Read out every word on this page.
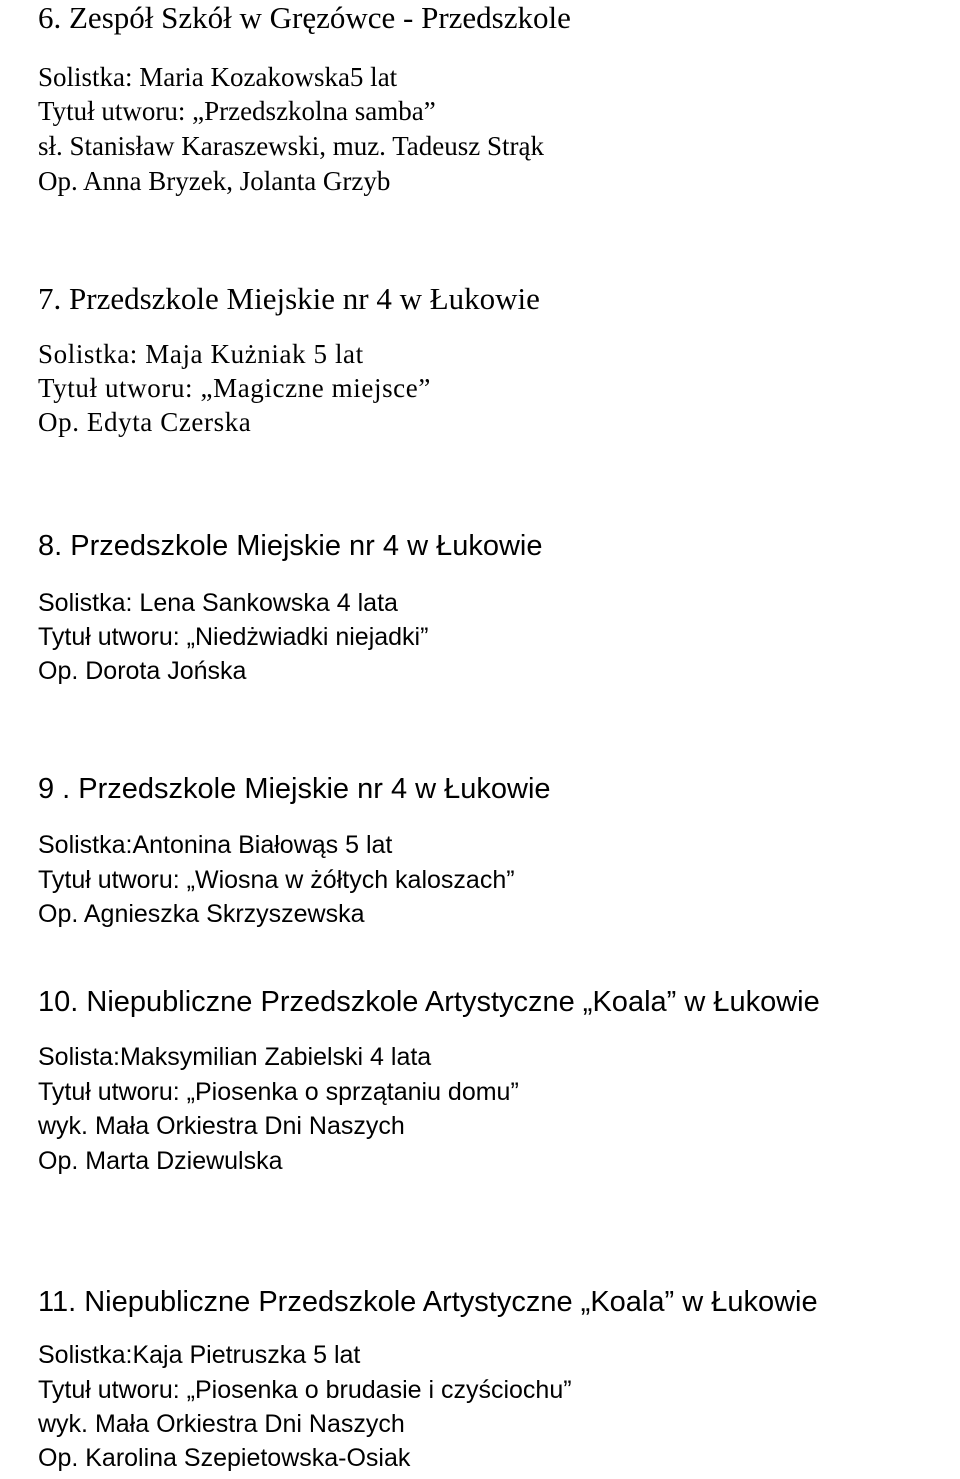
6. Zespół Szkół w Gręzówce - Przedszkole
Solistka: Maria Kozakowska5 lat
Tytuł utworu: „Przedszkolna samba”
sł. Stanisław Karaszewski, muz. Tadeusz Strąk
Op. Anna Bryzek, Jolanta Grzyb
7. Przedszkole Miejskie nr 4 w Łukowie
Solistka: Maja Kużniak 5 lat
Tytuł utworu: „Magiczne miejsce”
Op. Edyta Czerska
8. Przedszkole Miejskie nr 4 w Łukowie
Solistka: Lena Sankowska 4 lata
Tytuł utworu: „Niedżwiadki niejadki”
Op. Dorota Jońska
9 . Przedszkole Miejskie nr 4 w Łukowie
Solistka:Antonina Białowąs 5 lat
Tytuł utworu: „Wiosna w żółtych kaloszach”
Op. Agnieszka Skrzyszewska
10. Niepubliczne Przedszkole Artystyczne „Koala” w Łukowie
Solista:Maksymilian Zabielski 4 lata
Tytuł utworu: „Piosenka o sprzątaniu domu”
wyk. Mała Orkiestra Dni Naszych
Op. Marta Dziewulska
11. Niepubliczne Przedszkole Artystyczne „Koala” w Łukowie
Solistka:Kaja Pietruszka 5 lat
Tytuł utworu: „Piosenka o brudasie i czyściochu”
wyk. Mała Orkiestra Dni Naszych
Op. Karolina Szepietowska-Osiak
